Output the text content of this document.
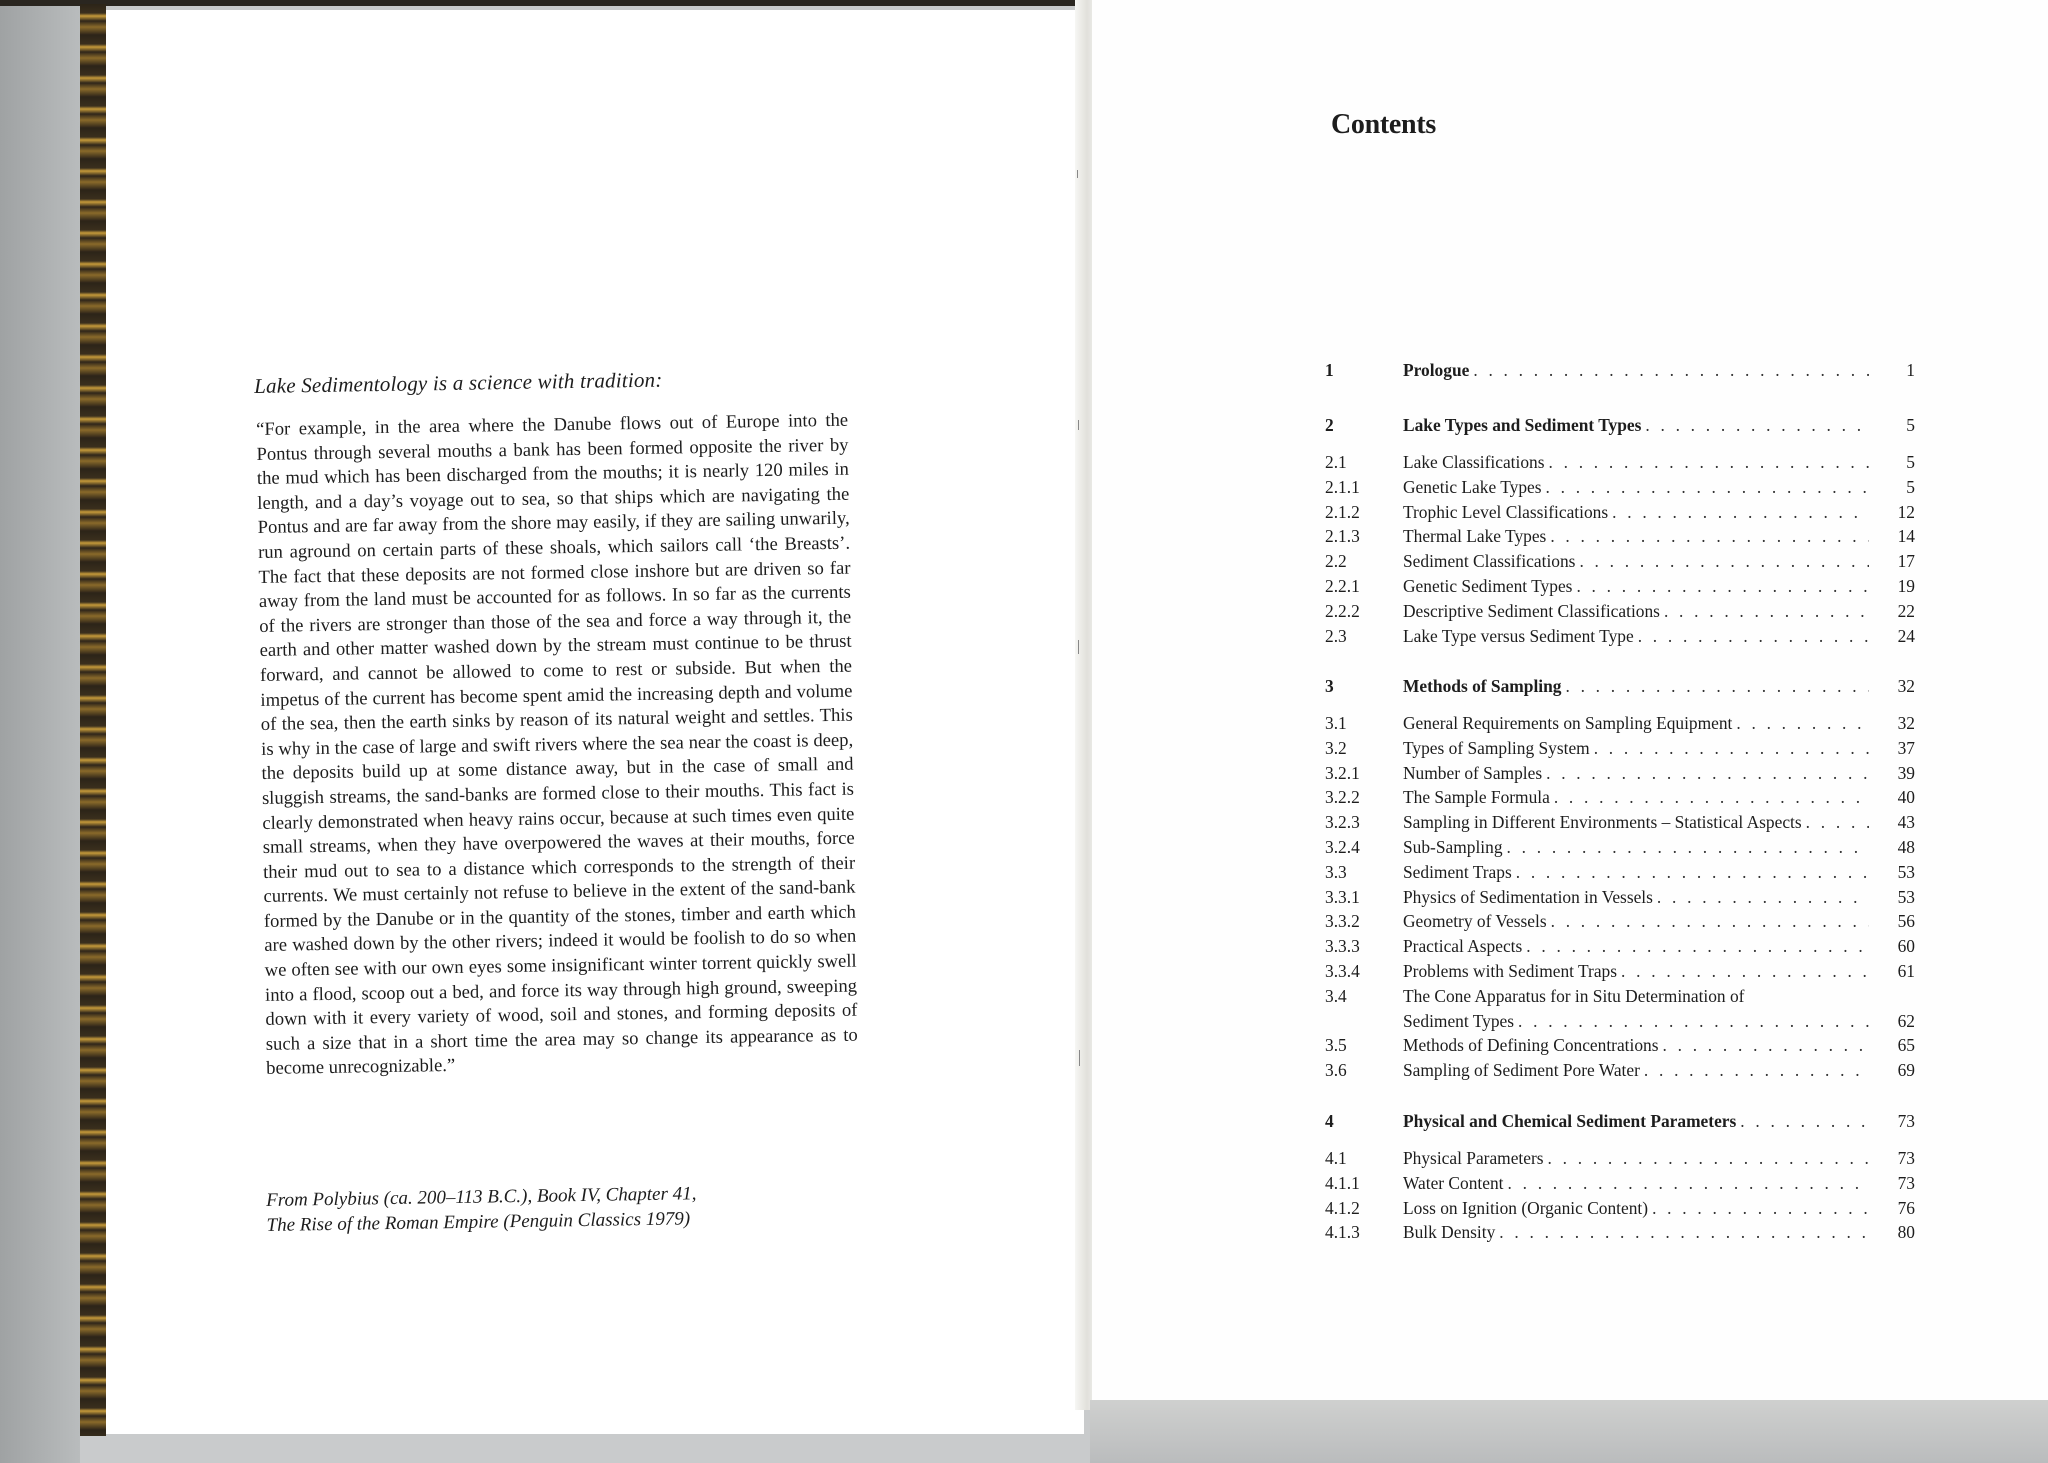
Lake Sedimentology is a science with tradition:
“For example, in the area where the Danube flows out of Europe into the Pontus through several mouths a bank has been formed opposite the river by the mud which has been discharged from the mouths; it is nearly 120 miles in length, and a day’s voyage out to sea, so that ships which are navigating the Pontus and are far away from the shore may easily, if they are sailing unwarily, run aground on certain parts of these shoals, which sailors call ‘the Breasts’. The fact that these deposits are not formed close inshore but are driven so far away from the land must be accounted for as follows. In so far as the currents of the rivers are stronger than those of the sea and force a way through it, the earth and other matter washed down by the stream must continue to be thrust forward, and cannot be allowed to come to rest or subside. But when the impetus of the current has become spent amid the increasing depth and volume of the sea, then the earth sinks by reason of its natural weight and settles. This is why in the case of large and swift rivers where the sea near the coast is deep, the deposits build up at some distance away, but in the case of small and sluggish streams, the sand-banks are formed close to their mouths. This fact is clearly demonstrated when heavy rains occur, because at such times even quite small streams, when they have overpowered the waves at their mouths, force their mud out to sea to a distance which corresponds to the strength of their currents. We must certainly not refuse to believe in the extent of the sand-bank formed by the Danube or in the quantity of the stones, timber and earth which are washed down by the other rivers; indeed it would be foolish to do so when we often see with our own eyes some insignificant winter torrent quickly swell into a flood, scoop out a bed, and force its way through high ground, sweeping down with it every variety of wood, soil and stones, and forming deposits of such a size that in a short time the area may so change its appearance as to become unrecognizable.”
From Polybius (ca. 200–113 B.C.), Book IV, Chapter 41,
The Rise of the Roman Empire (Penguin Classics 1979)
Contents
1	Prologue . . .	1
2	Lake Types and Sediment Types . . .	5
2.1	Lake Classifications . . .	5
2.1.1	Genetic Lake Types . . .	5
2.1.2	Trophic Level Classifications . . .	12
2.1.3	Thermal Lake Types . . .	14
2.2	Sediment Classifications . . .	17
2.2.1	Genetic Sediment Types . . .	19
2.2.2	Descriptive Sediment Classifications . . .	22
2.3	Lake Type versus Sediment Type . . .	24
3	Methods of Sampling . . .	32
3.1	General Requirements on Sampling Equipment . . .	32
3.2	Types of Sampling System . . .	37
3.2.1	Number of Samples . . .	39
3.2.2	The Sample Formula . . .	40
3.2.3	Sampling in Different Environments – Statistical Aspects . . .	43
3.2.4	Sub-Sampling . . .	48
3.3	Sediment Traps . . .	53
3.3.1	Physics of Sedimentation in Vessels . . .	53
3.3.2	Geometry of Vessels . . .	56
3.3.3	Practical Aspects . . .	60
3.3.4	Problems with Sediment Traps . . .	61
3.4	The Cone Apparatus for in Situ Determination of
Sediment Types . . .	62
3.5	Methods of Defining Concentrations . . .	65
3.6	Sampling of Sediment Pore Water . . .	69
4	Physical and Chemical Sediment Parameters . . .	73
4.1	Physical Parameters . . .	73
4.1.1	Water Content . . .	73
4.1.2	Loss on Ignition (Organic Content) . . .	76
4.1.3	Bulk Density . . .	80
